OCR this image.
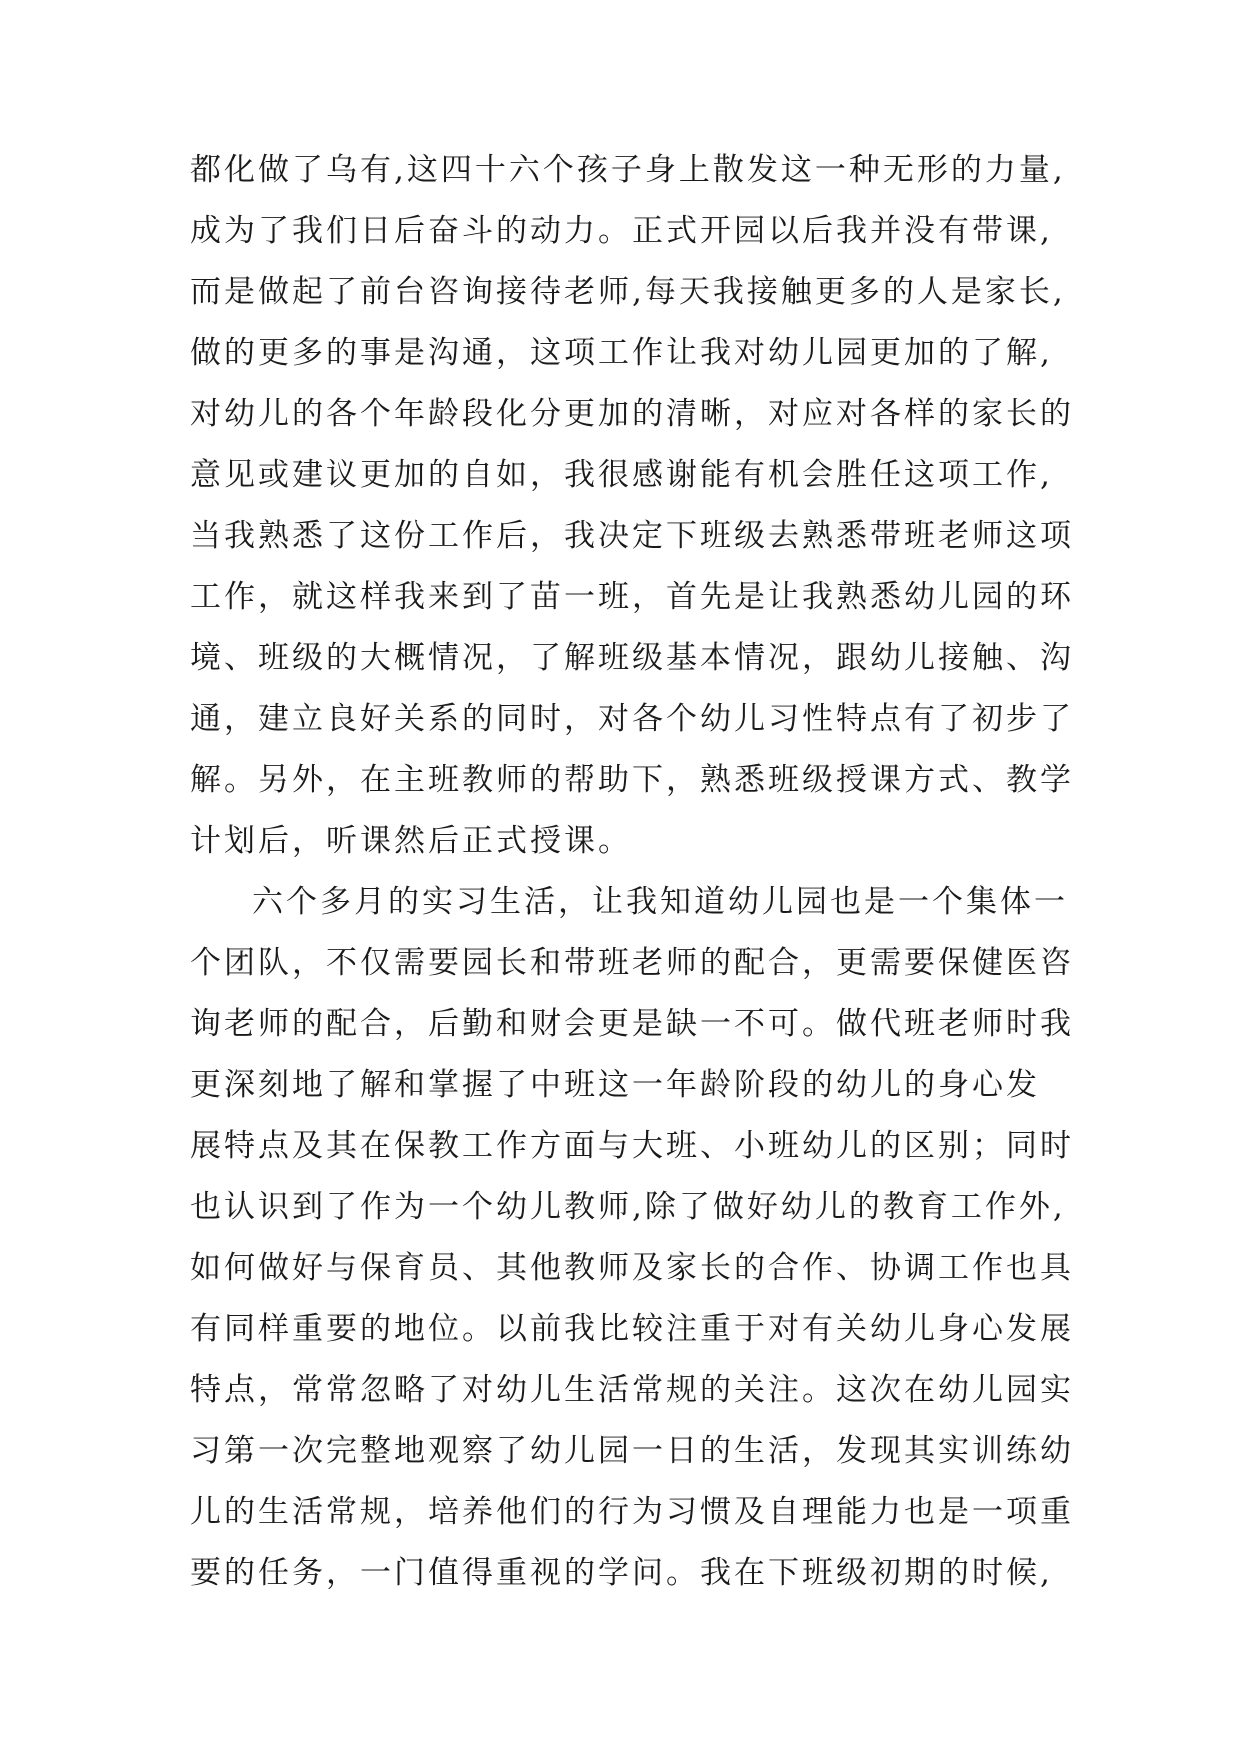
都化做了乌有,这四十六个孩子身上散发这一种无形的力量,
成为了我们日后奋斗的动力。正式开园以后我并没有带课,
而是做起了前台咨询接待老师,每天我接触更多的人是家长,
做的更多的事是沟通，这项工作让我对幼儿园更加的了解,
对幼儿的各个年龄段化分更加的清晰，对应对各样的家长的
意见或建议更加的自如，我很感谢能有机会胜任这项工作,
当我熟悉了这份工作后，我决定下班级去熟悉带班老师这项
工作，就这样我来到了苗一班，首先是让我熟悉幼儿园的环
境、班级的大概情况，了解班级基本情况，跟幼儿接触、沟
通，建立良好关系的同时，对各个幼儿习性特点有了初步了
解。另外，在主班教师的帮助下，熟悉班级授课方式、教学
计划后，听课然后正式授课。
六个多月的实习生活，让我知道幼儿园也是一个集体一
个团队，不仅需要园长和带班老师的配合，更需要保健医咨
询老师的配合，后勤和财会更是缺一不可。做代班老师时我
更深刻地了解和掌握了中班这一年龄阶段的幼儿的身心发
展特点及其在保教工作方面与大班、小班幼儿的区别；同时
也认识到了作为一个幼儿教师,除了做好幼儿的教育工作外,
如何做好与保育员、其他教师及家长的合作、协调工作也具
有同样重要的地位。以前我比较注重于对有关幼儿身心发展
特点，常常忽略了对幼儿生活常规的关注。这次在幼儿园实
习第一次完整地观察了幼儿园一日的生活，发现其实训练幼
儿的生活常规，培养他们的行为习惯及自理能力也是一项重
要的任务，一门值得重视的学问。我在下班级初期的时候,
